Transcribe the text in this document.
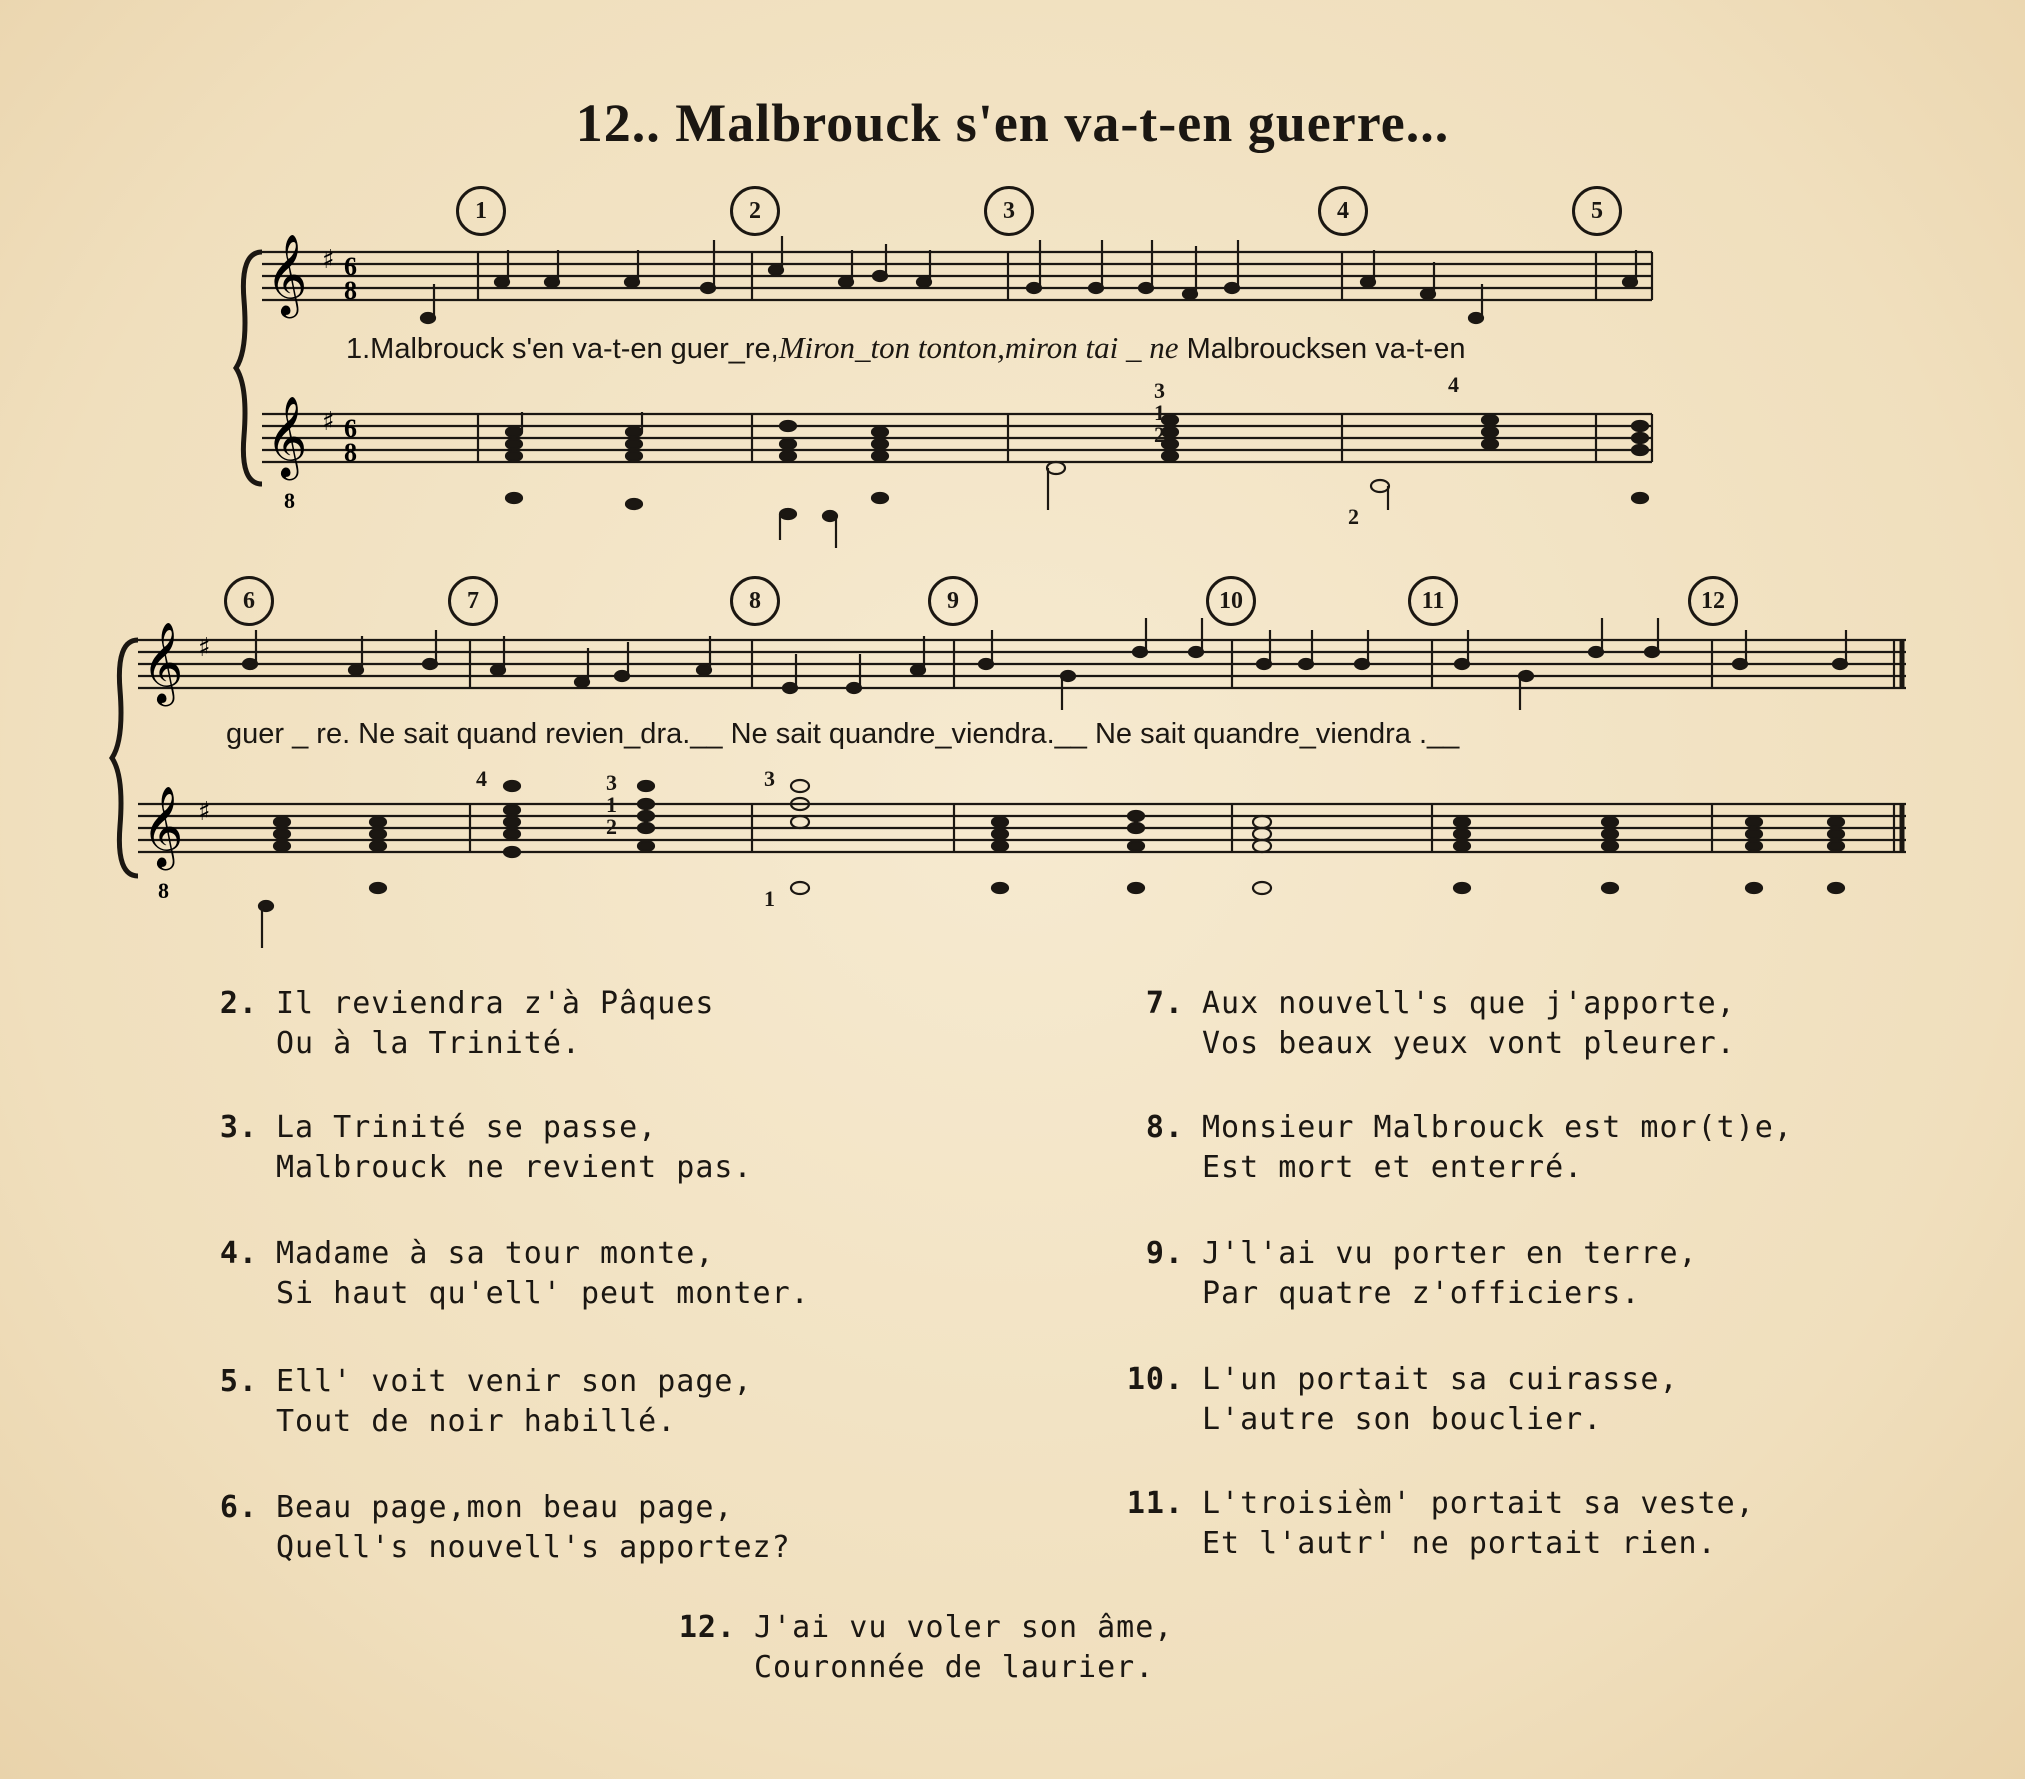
12.. Malbrouck s'en va-t-en guerre...
1	2	3	4	5
6	7	8	9	10	11	12
𝄞
𝄞
8
♯
♯
6
8
6
8
3
1
2
4
2
1.Malbrouck s'en va-t-en guer_re,Miron_ton tonton,miron tai _ ne Malbroucksen va-t-en
𝄞
𝄞
8
♯
♯
4	3
1
2
3
1
guer _ re. Ne sait quand revien_dra.__ Ne sait quandre_viendra.__ Ne sait quandre_viendra .__
2. Il reviendra z'à Pâques
Ou à la Trinité.
3. La Trinité se passe,
Malbrouck ne revient pas.
4. Madame à sa tour monte,
Si haut qu'ell' peut monter.
5. Ell' voit venir son page,
Tout de noir habillé.
6. Beau page,mon beau page,
Quell's nouvell's apportez?
7. Aux nouvell's que j'apporte,
Vos beaux yeux vont pleurer.
8. Monsieur Malbrouck est mor(t)e,
Est mort et enterré.
9. J'l'ai vu porter en terre,
Par quatre z'officiers.
10. L'un portait sa cuirasse,
L'autre son bouclier.
11. L'troisièm' portait sa veste,
Et l'autr' ne portait rien.
12. J'ai vu voler son âme,
Couronnée de laurier.
